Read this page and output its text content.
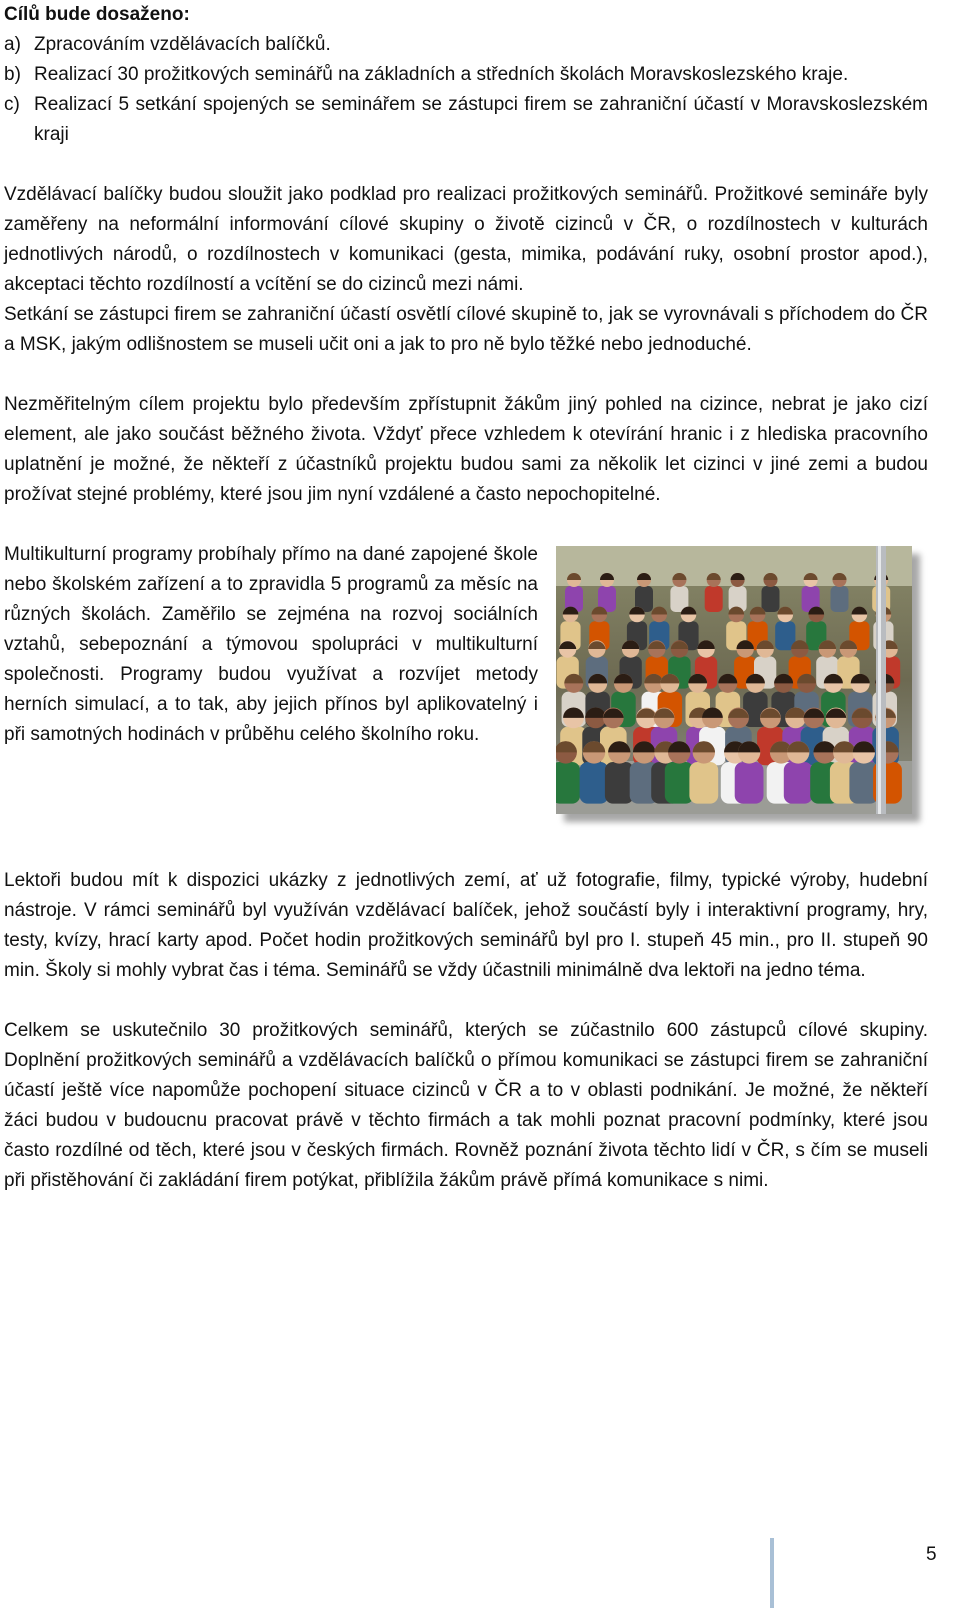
Cílů bude dosaženo:

a) Zpracováním vzdělávacích balíčků.
b) Realizací 30 prožitkových seminářů na základních a středních školách Moravskoslezského kraje.
c) Realizací 5 setkání spojených se seminářem se zástupci firem se zahraniční účastí v Moravskoslezském kraji

Vzdělávací balíčky budou sloužit jako podklad pro realizaci prožitkových seminářů. Prožitkové semináře byly zaměřeny na neformální informování cílové skupiny o životě cizinců v ČR, o rozdílnostech v kulturách jednotlivých národů, o rozdílnostech v komunikaci (gesta, mimika, podávání ruky, osobní prostor apod.), akceptaci těchto rozdílností a vcítění se do cizinců mezi námi.

Setkání se zástupci firem se zahraniční účastí osvětlí cílové skupině to, jak se vyrovnávali s příchodem do ČR a MSK, jakým odlišnostem se museli učit oni a jak to pro ně bylo těžké nebo jednoduché.

Nezměřitelným cílem projektu bylo především zpřístupnit žákům jiný pohled na cizince, nebrat je jako cizí element, ale jako součást běžného života. Vždyť přece vzhledem k otevírání hranic i z hlediska pracovního uplatnění je možné, že někteří z účastníků projektu budou sami za několik let cizinci v jiné zemi a budou prožívat stejné problémy, které jsou jim nyní vzdálené a často nepochopitelné.

Multikulturní programy probíhaly přímo na dané zapojené škole nebo školském zařízení a to zpravidla 5 programů za měsíc na různých školách. Zaměřilo se zejména na rozvoj sociálních vztahů, sebepoznání a týmovou spolupráci v multikulturní společnosti. Programy budou využívat a rozvíjet metody herních simulací, a to tak, aby jejich přínos byl aplikovatelný i při samotných hodinách v průběhu celého školního roku.

Lektoři budou mít k dispozici ukázky z jednotlivých zemí, ať už fotografie, filmy, typické výroby, hudební nástroje. V rámci seminářů byl využíván vzdělávací balíček, jehož součástí byly i interaktivní programy, hry, testy, kvízy, hrací karty apod. Počet hodin prožitkových seminářů byl pro I. stupeň 45 min., pro II. stupeň 90 min. Školy si mohly vybrat čas i téma. Seminářů se vždy účastnili minimálně dva lektoři na jedno téma.

Celkem se uskutečnilo 30 prožitkových seminářů, kterých se zúčastnilo 600 zástupců cílové skupiny. Doplnění prožitkových seminářů a vzdělávacích balíčků o přímou komunikaci se zástupci firem se zahraniční účastí ještě více napomůže pochopení situace cizinců v ČR a to v oblasti podnikání. Je možné, že někteří žáci budou v budoucnu pracovat právě v těchto firmách a tak mohli poznat pracovní podmínky, které jsou často rozdílné od těch, které jsou v českých firmách. Rovněž poznání života těchto lidí v ČR, s čím se museli při přistěhování či zakládání firem potýkat, přiblížila žákům právě přímá komunikace s nimi.

5
